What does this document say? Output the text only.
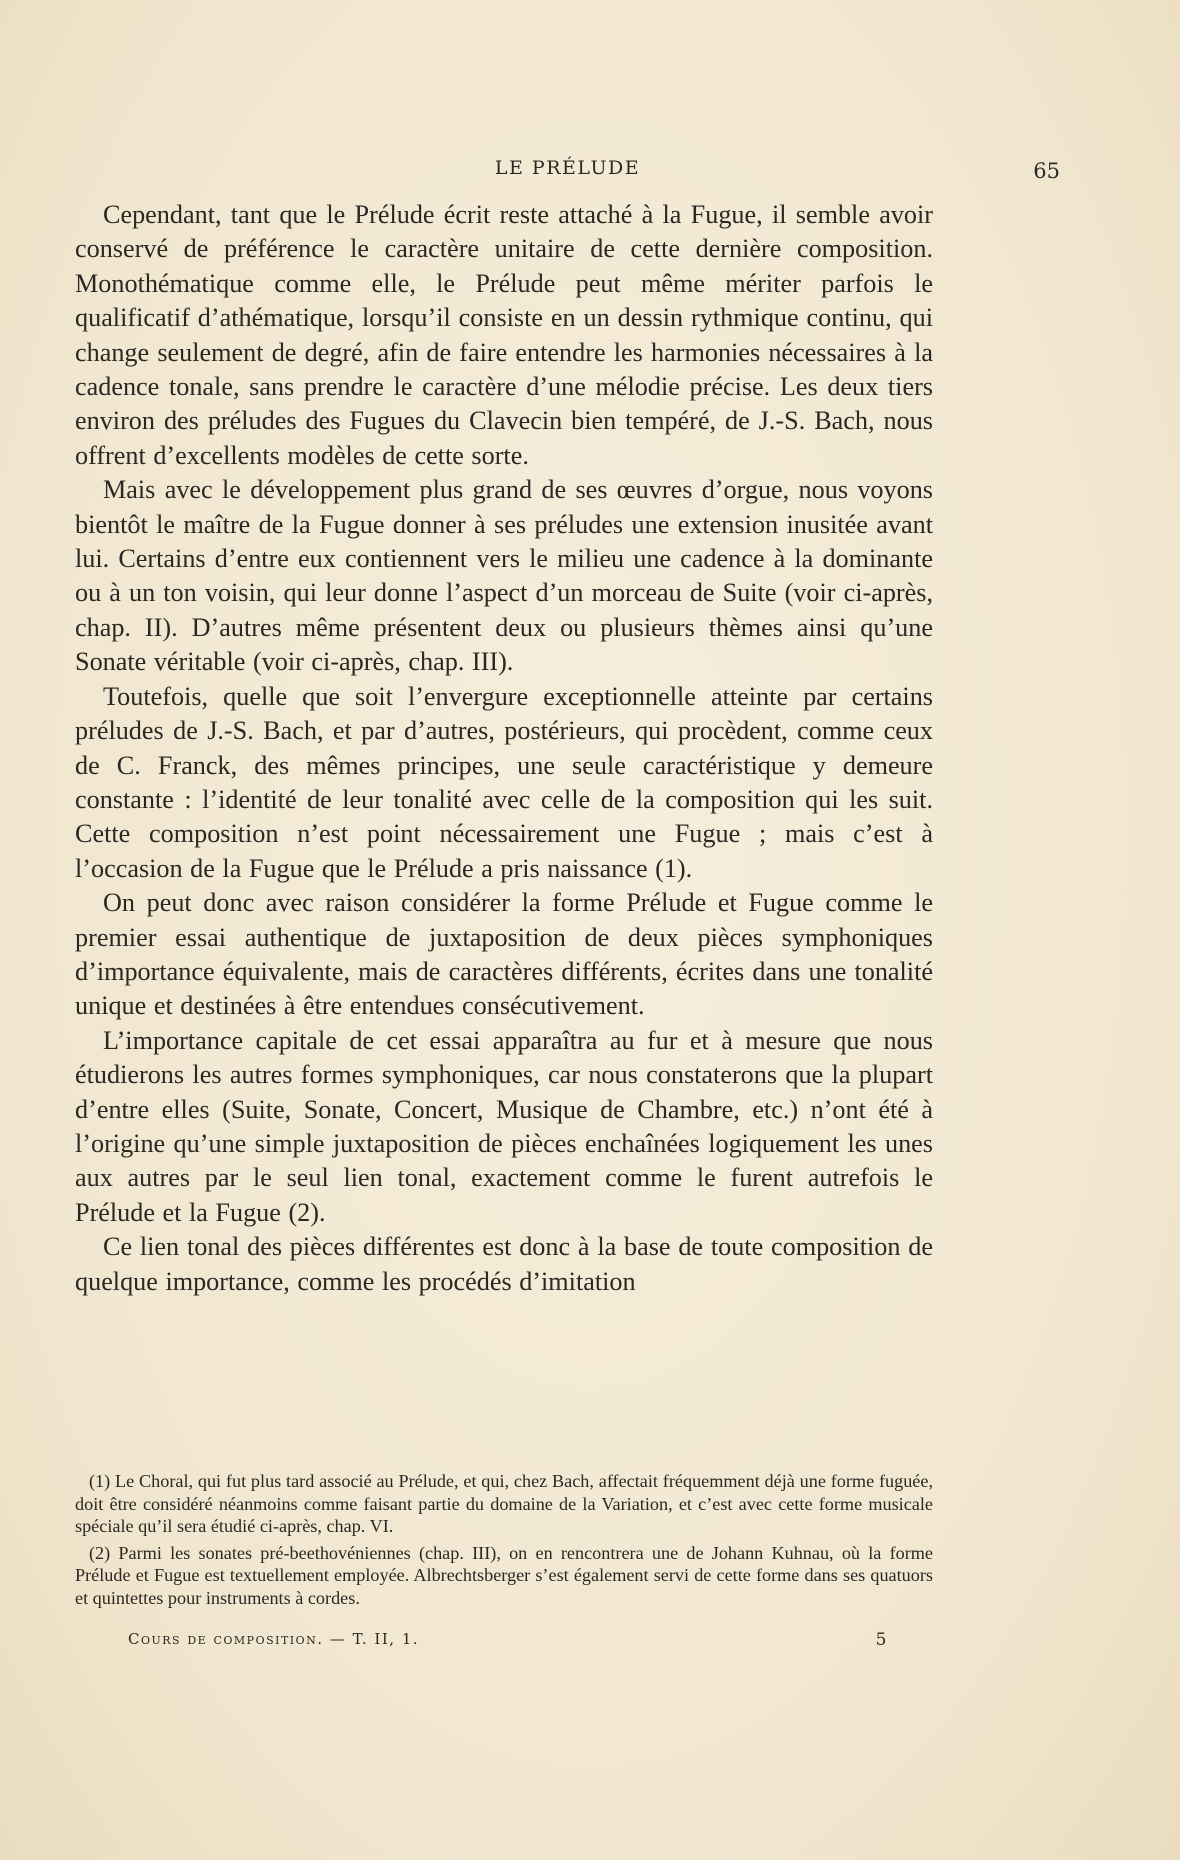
LE PRÉLUDE	65

Cependant, tant que le Prélude écrit reste attaché à la Fugue, il semble avoir conservé de préférence le caractère unitaire de cette dernière composition. Monothématique comme elle, le Prélude peut même mériter parfois le qualificatif d’athématique, lorsqu’il consiste en un dessin rythmique continu, qui change seulement de degré, afin de faire entendre les harmonies nécessaires à la cadence tonale, sans prendre le caractère d’une mélodie précise. Les deux tiers environ des préludes des Fugues du Clavecin bien tempéré, de J.-S. Bach, nous offrent d’excellents modèles de cette sorte.

Mais avec le développement plus grand de ses œuvres d’orgue, nous voyons bientôt le maître de la Fugue donner à ses préludes une extension inusitée avant lui. Certains d’entre eux contiennent vers le milieu une cadence à la dominante ou à un ton voisin, qui leur donne l’aspect d’un morceau de Suite (voir ci-après, chap. II). D’autres même présentent deux ou plusieurs thèmes ainsi qu’une Sonate véritable (voir ci-après, chap. III).

Toutefois, quelle que soit l’envergure exceptionnelle atteinte par certains préludes de J.-S. Bach, et par d’autres, postérieurs, qui procèdent, comme ceux de C. Franck, des mêmes principes, une seule caractéristique y demeure constante : l’identité de leur tonalité avec celle de la composition qui les suit. Cette composition n’est point nécessairement une Fugue ; mais c’est à l’occasion de la Fugue que le Prélude a pris naissance (1).

On peut donc avec raison considérer la forme Prélude et Fugue comme le premier essai authentique de juxtaposition de deux pièces symphoniques d’importance équivalente, mais de caractères différents, écrites dans une tonalité unique et destinées à être entendues consécutivement.

L’importance capitale de cet essai apparaîtra au fur et à mesure que nous étudierons les autres formes symphoniques, car nous constaterons que la plupart d’entre elles (Suite, Sonate, Concert, Musique de Chambre, etc.) n’ont été à l’origine qu’une simple juxtaposition de pièces enchaînées logiquement les unes aux autres par le seul lien tonal, exactement comme le furent autrefois le Prélude et la Fugue (2).

Ce lien tonal des pièces différentes est donc à la base de toute composition de quelque importance, comme les procédés d’imitation

(1) Le Choral, qui fut plus tard associé au Prélude, et qui, chez Bach, affectait fréquemment déjà une forme fuguée, doit être considéré néanmoins comme faisant partie du domaine de la Variation, et c’est avec cette forme musicale spéciale qu’il sera étudié ci-après, chap. VI.

(2) Parmi les sonates pré-beethovéniennes (chap. III), on en rencontrera une de Johann Kuhnau, où la forme Prélude et Fugue est textuellement employée. Albrechtsberger s’est également servi de cette forme dans ses quatuors et quintettes pour instruments à cordes.

Cours de composition. — T. II, 1.	5
